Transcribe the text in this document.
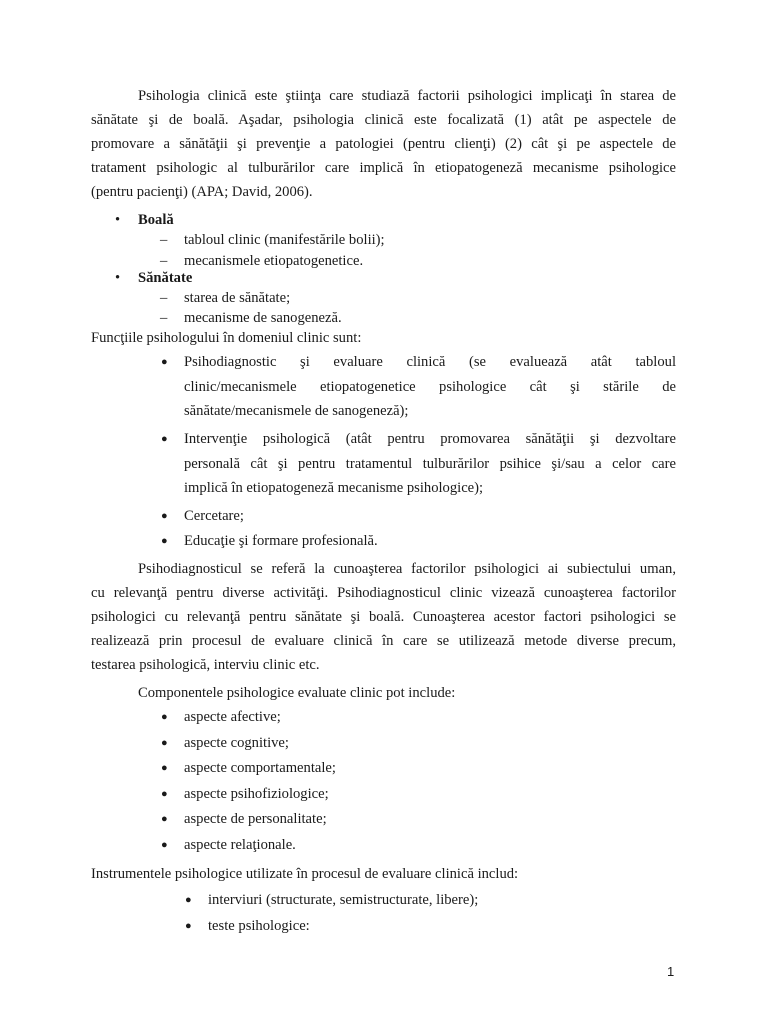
Psihologia clinică este ştiinţa care studiază factorii psihologici implicaţi în starea de
sănătate şi de boală. Aşadar, psihologia clinică este focalizată (1) atât pe aspectele de
promovare a sănătăţii şi prevenţie a patologiei (pentru clienţi) (2) cât şi pe aspectele de
tratament psihologic al tulburărilor care implică în etiopatogeneză mecanisme psihologice
(pentru pacienţi) (APA; David, 2006).
• Boală
– tabloul clinic (manifestările bolii);
– mecanismele etiopatogenetice.
• Sănătate
– starea de sănătate;
– mecanisme de sanogeneză.
Funcţiile psihologului în domeniul clinic sunt:
● Psihodiagnostic şi evaluare clinică (se evaluează atât tabloul
clinic/mecanismele etiopatogenetice psihologice cât şi stările de
sănătate/mecanismele de sanogeneză);
● Intervenţie psihologică (atât pentru promovarea sănătăţii şi dezvoltare
personală cât şi pentru tratamentul tulburărilor psihice şi/sau a celor care
implică în etiopatogeneză mecanisme psihologice);
● Cercetare;
● Educaţie şi formare profesională.
Psihodiagnosticul se referă la cunoaşterea factorilor psihologici ai subiectului uman,
cu relevanţă pentru diverse activităţi. Psihodiagnosticul clinic vizează cunoaşterea factorilor
psihologici cu relevanţă pentru sănătate şi boală. Cunoaşterea acestor factori psihologici se
realizează prin procesul de evaluare clinică în care se utilizează metode diverse precum,
testarea psihologică, interviu clinic etc.
Componentele psihologice evaluate clinic pot include:
● aspecte afective;
● aspecte cognitive;
● aspecte comportamentale;
● aspecte psihofiziologice;
● aspecte de personalitate;
● aspecte relaţionale.
Instrumentele psihologice utilizate în procesul de evaluare clinică includ:
● interviuri (structurate, semistructurate, libere);
● teste psihologice:
1
